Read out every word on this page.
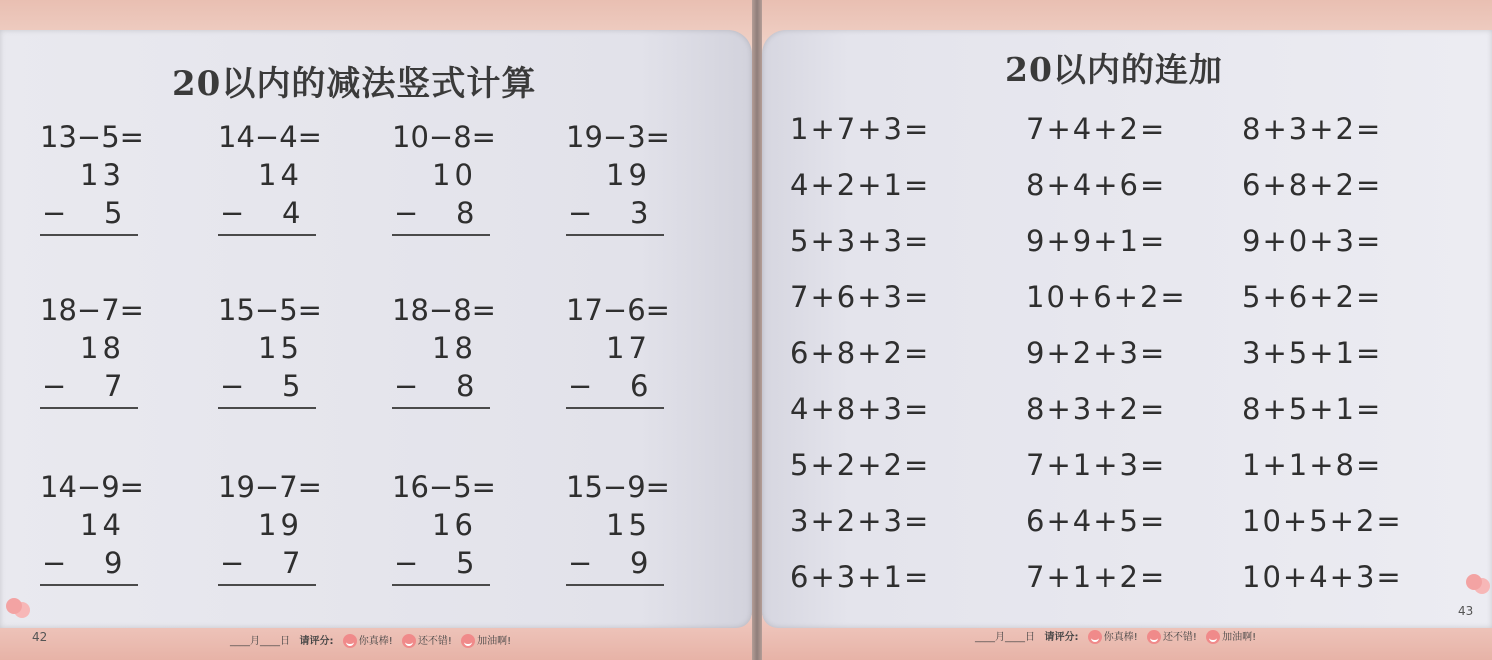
20以内的减法竖式计算	20以内的连加
13−5=
13
− 5
14−4=
14
− 4
10−8=
10
− 8
19−3=
19
− 3
18−7=
18
− 7
15−5=
15
− 5
18−8=
18
− 8
17−6=
17
− 6
14−9=
14
− 9
19−7=
19
− 7
16−5=
16
− 5
15−9=
15
− 9
1+7+3=	7+4+2=	8+3+2=
4+2+1=	8+4+6=	6+8+2=
5+3+3=	9+9+1=	9+0+3=
7+6+3=	10+6+2= 5+6+2=
6+8+2=	9+2+3=	3+5+1=
4+8+3=	8+3+2=	8+5+1=
5+2+2=	7+1+3=	1+1+8=
3+2+3=	6+4+5=	10+5+2=
6+3+1=	7+1+2=	10+4+3=
____月____日 请评分:	你真棒!	还不错!	加油啊!	____月____日 请评分:	你真棒!	还不错!	加油啊!
42
43
